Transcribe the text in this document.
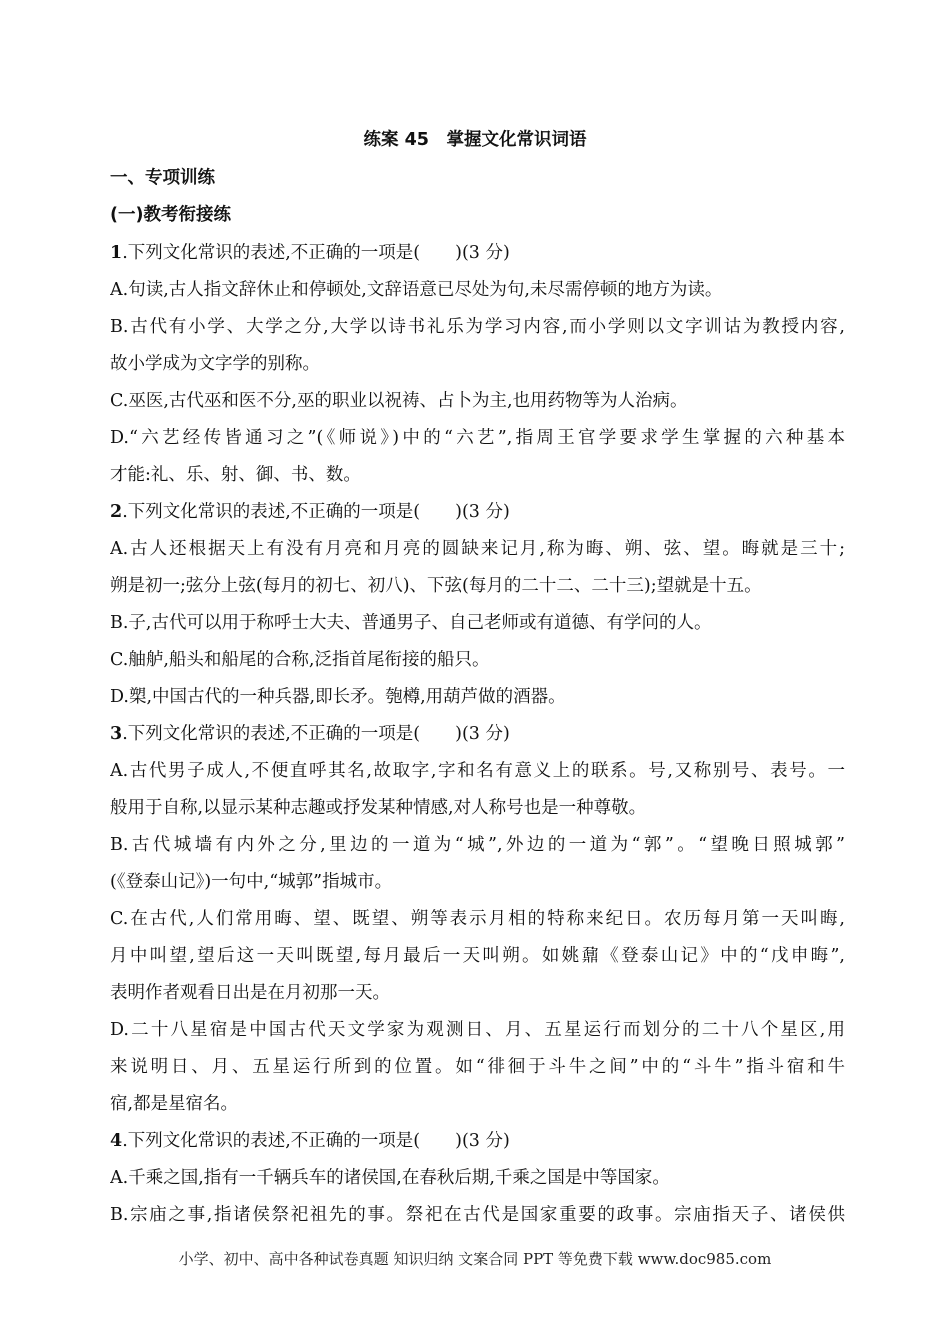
练案 45　掌握文化常识词语
一、专项训练
(一)教考衔接练
1.下列文化常识的表述,不正确的一项是(　　)(3 分)
A.句读,古人指文辞休止和停顿处,文辞语意已尽处为句,未尽需停顿的地方为读。
B.古代有小学、大学之分,大学以诗书礼乐为学习内容,而小学则以文字训诂为教授内容,
故小学成为文字学的别称。
C.巫医,古代巫和医不分,巫的职业以祝祷、占卜为主,也用药物等为人治病。
D.“六艺经传皆通习之”(《师说》)中的“六艺”,指周王官学要求学生掌握的六种基本
才能:礼、乐、射、御、书、数。
2.下列文化常识的表述,不正确的一项是(　　)(3 分)
A.古人还根据天上有没有月亮和月亮的圆缺来记月,称为晦、朔、弦、望。晦就是三十;
朔是初一;弦分上弦(每月的初七、初八)、下弦(每月的二十二、二十三);望就是十五。
B.子,古代可以用于称呼士大夫、普通男子、自己老师或有道德、有学问的人。
C.舳舻,船头和船尾的合称,泛指首尾衔接的船只。
D.槊,中国古代的一种兵器,即长矛。匏樽,用葫芦做的酒器。
3.下列文化常识的表述,不正确的一项是(　　)(3 分)
A.古代男子成人,不便直呼其名,故取字,字和名有意义上的联系。号,又称别号、表号。一
般用于自称,以显示某种志趣或抒发某种情感,对人称号也是一种尊敬。
B.古代城墙有内外之分,里边的一道为“城”,外边的一道为“郭”。“望晚日照城郭”
(《登泰山记》)一句中,“城郭”指城市。
C.在古代,人们常用晦、望、既望、朔等表示月相的特称来纪日。农历每月第一天叫晦,
月中叫望,望后这一天叫既望,每月最后一天叫朔。如姚鼐《登泰山记》中的“戊申晦”,
表明作者观看日出是在月初那一天。
D.二十八星宿是中国古代天文学家为观测日、月、五星运行而划分的二十八个星区,用
来说明日、月、五星运行所到的位置。如“徘徊于斗牛之间”中的“斗牛”指斗宿和牛
宿,都是星宿名。
4.下列文化常识的表述,不正确的一项是(　　)(3 分)
A.千乘之国,指有一千辆兵车的诸侯国,在春秋后期,千乘之国是中等国家。
B.宗庙之事,指诸侯祭祀祖先的事。祭祀在古代是国家重要的政事。宗庙指天子、诸侯供
小学、初中、高中各种试卷真题 知识归纳 文案合同 PPT 等免费下载 www.doc985.com
